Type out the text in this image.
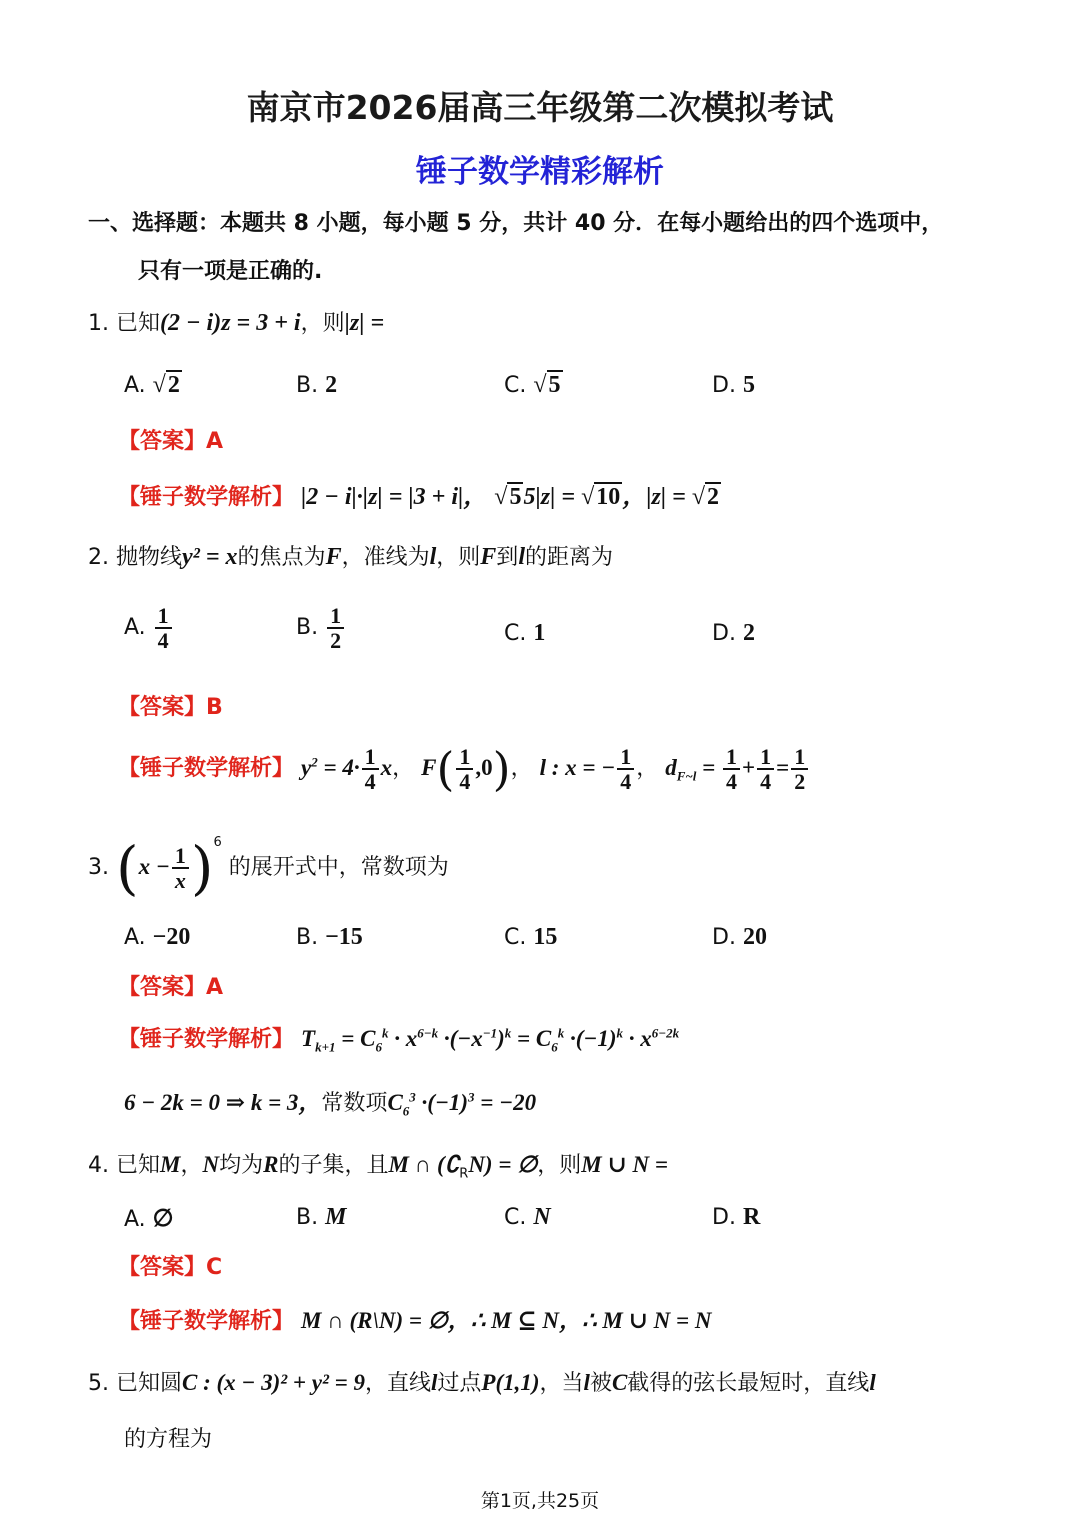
南京市2026届高三年级第二次模拟考试
锤子数学精彩解析
一、选择题：本题共 8 小题，每小题 5 分，共计 40 分．在每小题给出的四个选项中，
只有一项是正确的.
1. 已知(2 − i)z = 3 + i，则|z| =
A. √2	B. 2	C. √5	D. 5
【答案】A
【锤子数学解析】 |2 − i|·|z| = |3 + i|， √55|z| = √10，|z| = √2
2. 抛物线y² = x的焦点为F，准线为l，则F到l的距离为
A. $\frac{1}{4}$	B. $\frac{1}{2}$	C. 1	D. 2
【答案】B
【锤子数学解析】 $y^2 = 4\cdot \frac{1}{4}$ x， $F( \frac{1}{4} ,0)$， l : x = − $\frac{1}{4}$ ， $d_{F\sim l} = \frac{1}{4} + \frac{1}{4} = \frac{1}{2}$
3. $(x - \frac{1}{x} )^6$ 的展开式中，常数项为
A. −20	B. −15	C. 15	D. 20
【答案】A
【锤子数学解析】 $T_{k+1} = C_6^k \cdot x^{6-k} \cdot(-x^{-1})^k = C_6^k \cdot(-1)^k \cdot x^{6-2k}$
6 − 2k = 0 ⇒ k = 3，常数项$C_6^3 \cdot(-1)^3 = -20$
4. 已知M，N均为R的子集，且M ∩ $(∁_RN)$ = ∅，则M ∪ N =
A. ∅	B. M	C. N	D. R
【答案】C
【锤子数学解析】 M ∩ (R\N) = ∅，∴ M ⊆ N，∴ M ∪ N = N
5. 已知圆C : (x − 3)² + y² = 9，直线l过点P(1,1)，当l被C截得的弦长最短时，直线l
的方程为
第1页,共25页
